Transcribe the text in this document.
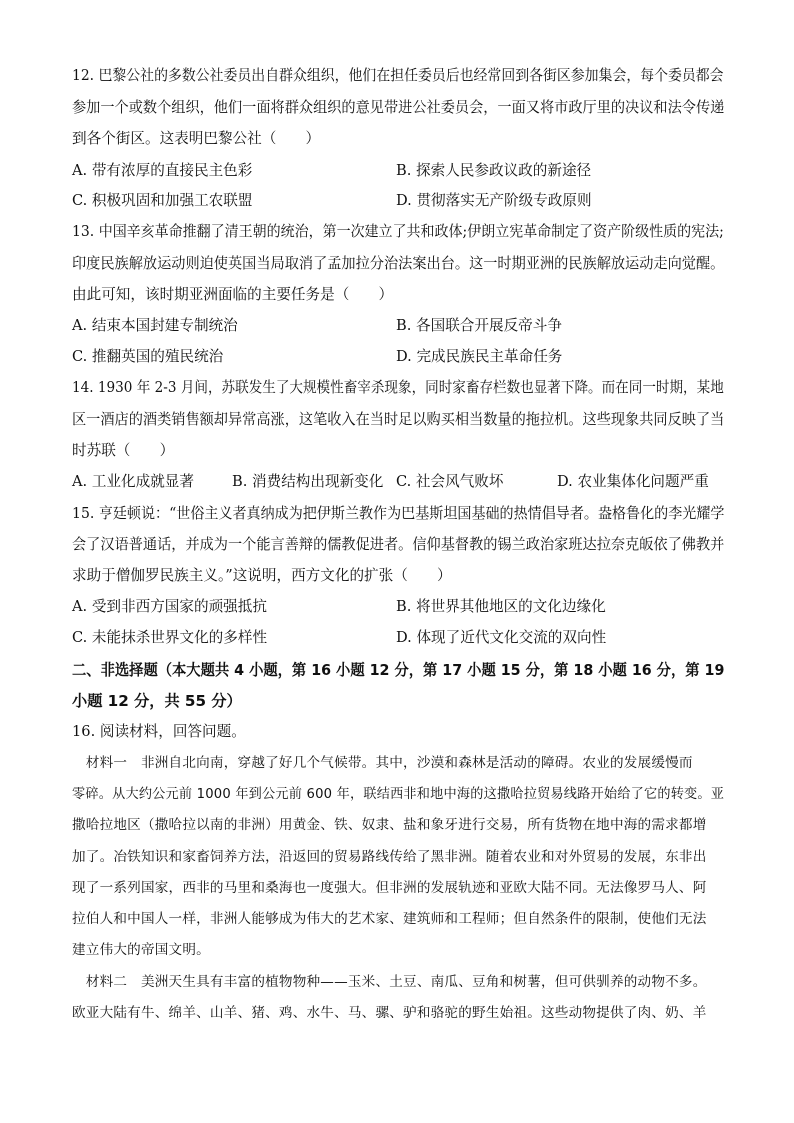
12. 巴黎公社的多数公社委员出自群众组织，他们在担任委员后也经常回到各街区参加集会，每个委员都会
参加一个或数个组织，他们一面将群众组织的意见带进公社委员会，一面又将市政厅里的决议和法令传递
到各个街区。这表明巴黎公社（　　）
A. 带有浓厚的直接民主色彩	B. 探索人民参政议政的新途径
C. 积极巩固和加强工农联盟	D. 贯彻落实无产阶级专政原则
13. 中国辛亥革命推翻了清王朝的统治，第一次建立了共和政体;伊朗立宪革命制定了资产阶级性质的宪法;
印度民族解放运动则迫使英国当局取消了孟加拉分治法案出台。这一时期亚洲的民族解放运动走向觉醒。
由此可知，该时期亚洲面临的主要任务是（　　）
A. 结束本国封建专制统治	B. 各国联合开展反帝斗争
C. 推翻英国的殖民统治	D. 完成民族民主革命任务
14. 1930 年 2-3 月间，苏联发生了大规模性畜宰杀现象，同时家畜存栏数也显著下降。而在同一时期，某地
区一酒店的酒类销售额却异常高涨，这笔收入在当时足以购买相当数量的拖拉机。这些现象共同反映了当
时苏联（　　）
A. 工业化成就显著	B. 消费结构出现新变化 C. 社会风气败坏	D. 农业集体化问题严重
15. 亨廷顿说：“世俗主义者真纳成为把伊斯兰教作为巴基斯坦国基础的热情倡导者。盎格鲁化的李光耀学
会了汉语普通话，并成为一个能言善辩的儒教促进者。信仰基督教的锡兰政治家班达拉奈克皈依了佛教并
求助于僧伽罗民族主义。”这说明，西方文化的扩张（　　）
A. 受到非西方国家的顽强抵抗	B. 将世界其他地区的文化边缘化
C. 未能抹杀世界文化的多样性	D. 体现了近代文化交流的双向性
二、非选择题（本大题共 4 小题，第 16 小题 12 分，第 17 小题 15 分，第 18 小题 16 分，第 19
小题 12 分，共 55 分）
16. 阅读材料，回答问题。
　材料一　非洲自北向南，穿越了好几个气候带。其中，沙漠和森林是活动的障碍。农业的发展缓慢而
零碎。从大约公元前 1000 年到公元前 600 年，联结西非和地中海的这撒哈拉贸易线路开始给了它的转变。亚
撒哈拉地区（撒哈拉以南的非洲）用黄金、铁、奴隶、盐和象牙进行交易，所有货物在地中海的需求都增
加了。冶铁知识和家畜饲养方法，沿返回的贸易路线传给了黑非洲。随着农业和对外贸易的发展，东非出
现了一系列国家，西非的马里和桑海也一度强大。但非洲的发展轨迹和亚欧大陆不同。无法像罗马人、阿
拉伯人和中国人一样，非洲人能够成为伟大的艺术家、建筑师和工程师；但自然条件的限制，使他们无法
建立伟大的帝国文明。
　材料二　美洲天生具有丰富的植物物种——玉米、土豆、南瓜、豆角和树薯，但可供驯养的动物不多。
欧亚大陆有牛、绵羊、山羊、猪、鸡、水牛、马、骡、驴和骆驼的野生始祖。这些动物提供了肉、奶、羊
